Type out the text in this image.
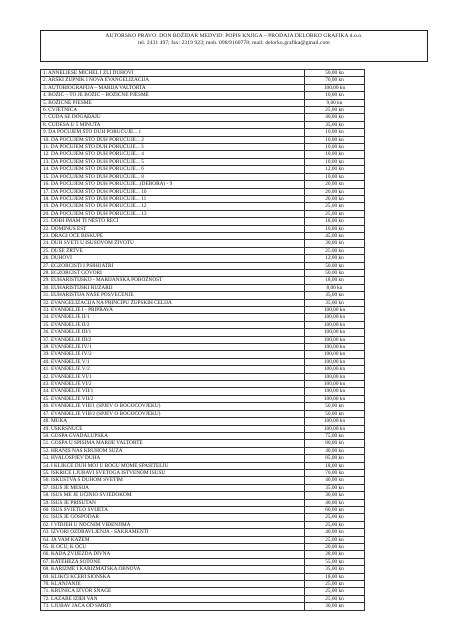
AUTORSKO PRAVO: DON BOŽIDAR MEDVID: POPIS KNJIGA – PRODAJA DELORKO GRAFIKA d.o.o.
tel. 2431 497; fax: 2319 923; mob. 098/9160778; mail: delorko.grafika@gmail.com
1. ANNELIESE MICHEL I ZLI DUHOVI	50,00 kn
2. ARŠKI ŽUPNIK I NOVA EVANGELIZACIJA	70,00 kn
3. AUTOBIOGRAFIJA – MARIJA VALTORTA	100,00 kn
4. BOŽIĆ – TO JE BOŽIĆ – BOŽIĆNE PJESME	10,00 kn
5. BOŽIĆNE PJESME	9,00 kn
6. CVJETNICA	25,00 kn
7. ČUDA SE DOGAĐAJU	40,00 kn
8. ČUDESA U 5 MINUTA	35,00 kn
9. DA POČUJEM ŠTO DUH PORUČUJE... 1	10,00 kn
10. DA POČUJEM ŠTO DUH PORUČUJE... 2	10,00 kn
11. DA POČUJEM ŠTO DUH PORUČUJE... 3	10,00 kn
12. DA POČUJEM ŠTO DUH PORUČUJE... 4	10,00 kn
13. DA POČUJEM ŠTO DUH PORUČUJE... 5	10,00 kn
14. DA POČUJEM ŠTO DUH PORUČUJE... 6	12,00 kn
15. DA POČUJEM ŠTO DUH PORUČUJE... 8	10,00 kn
16. DA POČUJEM ŠTO DUH PORUČUJE...(DEBORA) - 9	20,00 kn
17. DA POČUJEM ŠTO DUH PORUČUJE... 10	20,00 kn
18. DA POČUJEM ŠTO DUH PORUČUJE... 11	20,00 kn
19. DA POČUJEM ŠTO DUH PORUČUJE... 12	25,00 kn
20. DA POČUJEM ŠTO DUH PORUČUJE... 13	25,00 kn
21. DOĐI IMAM TI NEŠTO REĆI	18,00 kn
22. DOMINUS EST	16,00 kn
23. DRAGI OČE BISKUPE	45,00 kn
24. DUH SVETI U ISUSOVOM ŽIVOTU	30,00 kn
25. DUŠE ŽRTVE	25,00 kn
26. DUHOVI	12,00 kn
27. EGZORCISTI I PSIHIJATRI	50,00 kn
28. EGZORCIST GOVORI	50,00 kn
29. EUHARISTIJSKO - MARIJANSKA POBOŽNOST	18,00 kn
30. EUHARISTIJSKI RUŽARIJ	8,00 kn
31. EUHARISTIJA NAŠE POSVEĆENJE	35,00 kn
32. EVANGELIZACIJA NA PRINCIPU ŽUPSKIH ĆELIJA	35,00 kn
33. EVANĐELJE I - PRIPRAVA	100,00 kn
34. EVANĐELJE II/1	100,00 kn
35. EVANĐELJE II/2	100,00 kn
36. EVANĐELJE III/1	100,00 kn
37. EVANĐELJE III/2	100,00 kn
38. EVANĐELJE IV/1	100,00 kn
39. EVANĐELJE IV/2	100,00 kn
40. EVANĐELJE V/1	100,00 kn
41. EVANĐELJE V/2	100,00 kn
42. EVANĐELJE VI/1	100,00 kn
43. EVANĐELJE VI/2	100,00 kn
44. EVANĐELJE VII/1	100,00 kn
45. EVANĐELJE VII/2	100,00 kn
46. EVANĐELJE VIII/1 (SPJEV O BOGOČOVJEKU)	50,00 kn
47. EVANĐELJE VIII/2 (SPJEV O BOGOČOVJEKU)	50,00 kn
48. MUKA	100,00 kn
49. USKRSNUĆE	100,00 kn
50. GOSPA GVADALUPSKA	75,00 kn
51. GOSPA U SPISIMA MARIJE VALTORTE	80,00 kn
52. HRANIŠ NAS KRUHOM SUZA	40,00 kn
53. HVALOSPJEV DUHA	85,00 kn
54. I KLIKĆE DUH MOJ U BOGU MOME SPASITELJU	18,00 kn
55. ISKRICE LJUBAVI SVETOGA ISTVENOM ISUSU	70,00 kn
56. ISKUSTVA S DUHOM SVETIM	40,00 kn
57. ISUS JE MESIJA	35,00 kn
58. ISUS ME JE UČINIO SVJEDOKOM	30,00 kn
59. ISUS JE PRISUTAN	40,00 kn
60. ISUS SVJETLO SVIJETA	60,00 kn
61. ISUS JE GOSPODAR	25,00 kn
62. I VIDJEH U NOĆNIM VIĐENJIMA	25,00 kn
63. IZVORI OZDRAVLJENJA - SAKRAMENTI	40,00 kn
64. JA VAM KAŽEM	25,00 kn
65. K OCU, K OCU	20,00 kn
66. KADA ZVIJEZDA DIVNA	28,00 kn
67. KATEHEZA SOTONE	55,00 kn
68. KARIZME I KARIZMATSKA OBNOVA	35,00 kn
69. KLIKĆI KĆERI SIONSKA	18,00 kn
70. KLANJANJE	25,00 kn
71. KRUNICA IZVOR SNAGE	25,00 kn
72. LAZARE IZIĐI VAN	25,00 kn
73. LJUBAV JAČA OD SMRTI	30,00 kn
